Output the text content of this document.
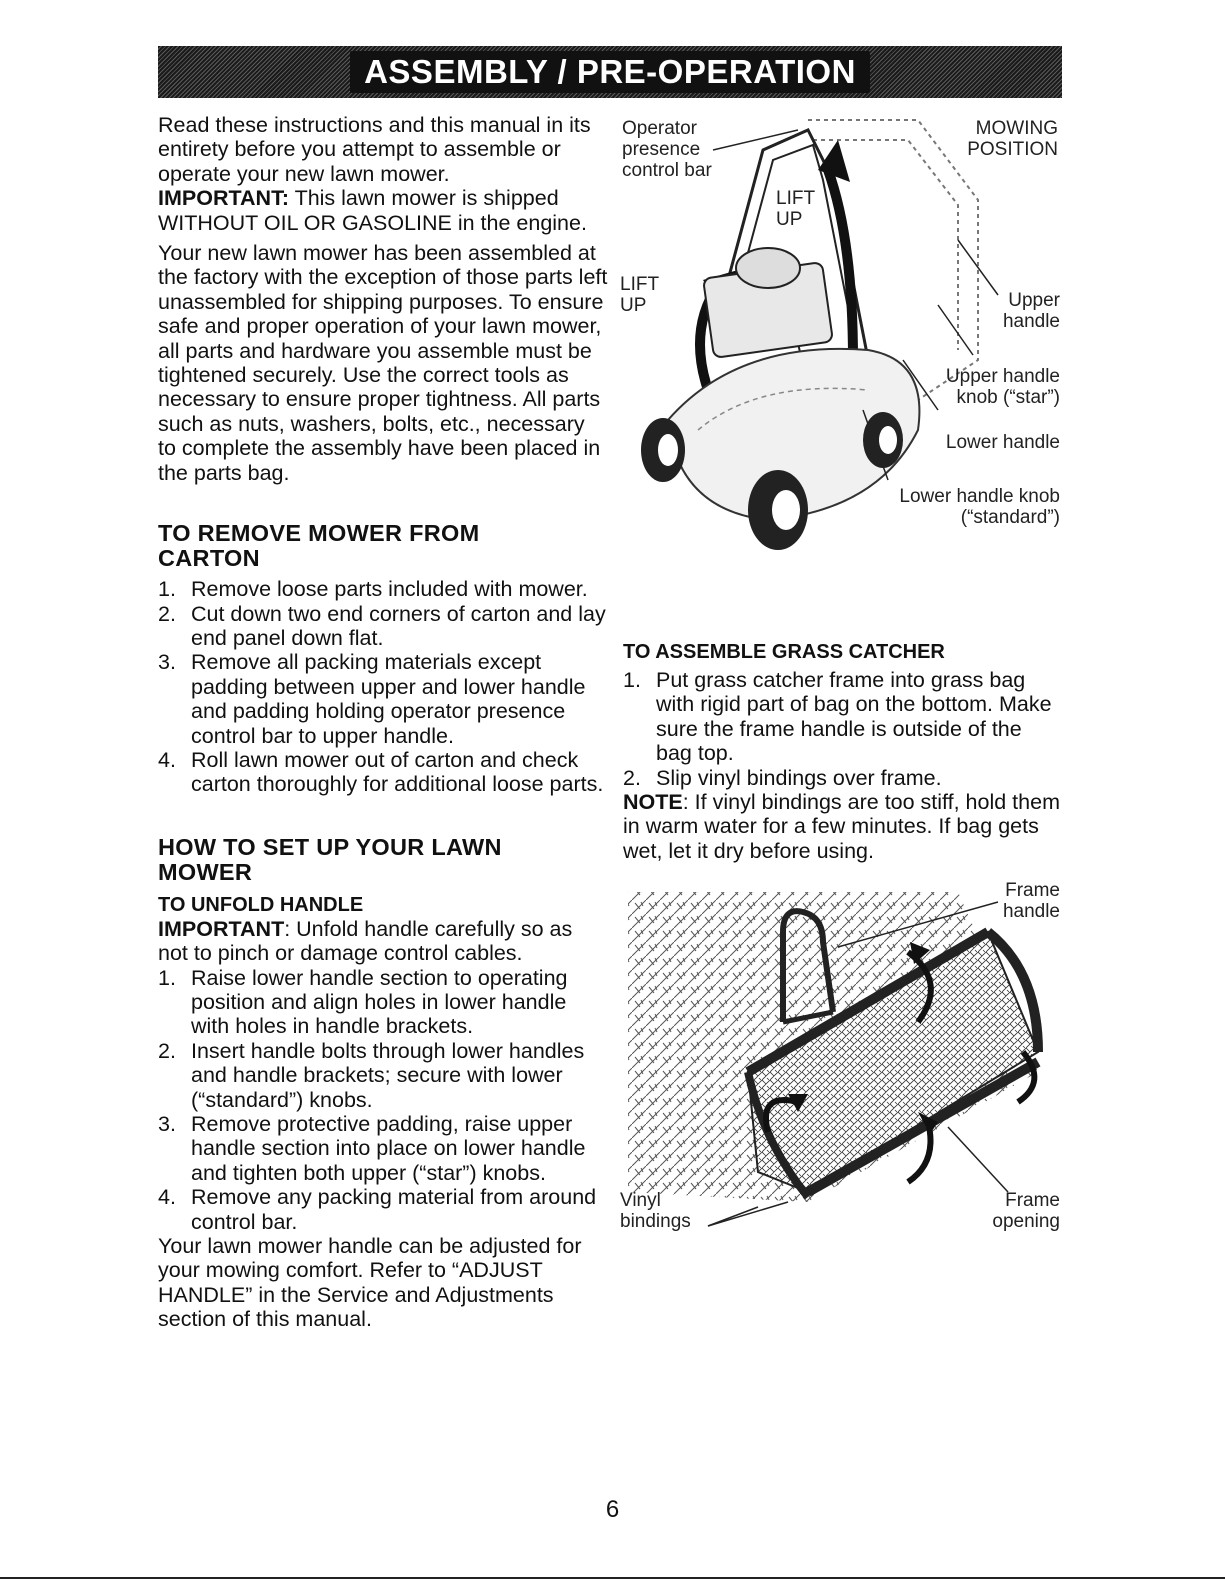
ASSEMBLY / PRE-OPERATION

Read these instructions and this manual in its entirety before you attempt to assemble or operate your new lawn mower.

IMPORTANT: This lawn mower is shipped WITHOUT OIL OR GASOLINE in the engine.

Your new lawn mower has been assembled at the factory with the exception of those parts left unassembled for shipping purposes. To ensure safe and proper operation of your lawn mower, all parts and hardware you assemble must be tightened securely. Use the correct tools as necessary to ensure proper tightness. All parts such as nuts, washers, bolts, etc., necessary to complete the assembly have been placed in the parts bag.

TO REMOVE MOWER FROM CARTON
1. Remove loose parts included with mower.
2. Cut down two end corners of carton and lay end panel down flat.
3. Remove all packing materials except padding between upper and lower handle and padding holding operator presence control bar to upper handle.
4. Roll lawn mower out of carton and check carton thoroughly for additional loose parts.
HOW TO SET UP YOUR LAWN MOWER
TO UNFOLD HANDLE

IMPORTANT: Unfold handle carefully so as not to pinch or damage control cables.

1. Raise lower handle section to operating position and align holes in lower handle with holes in handle brackets.
2. Insert handle bolts through lower handles and handle brackets; secure with lower (“standard”) knobs.
3. Remove protective padding, raise upper handle section into place on lower handle and tighten both upper (“star”) knobs.
4. Remove any packing material from around control bar.

Your lawn mower handle can be adjusted for your mowing comfort. Refer to “ADJUST HANDLE” in the Service and Adjustments section of this manual.

Operator presence control bar
MOWING POSITION
LIFT UP
LIFT UP	Upper handle
Upper handle knob (“star”)
Lower handle
Lower handle knob (“standard”)
TO ASSEMBLE GRASS CATCHER
1. Put grass catcher frame into grass bag with rigid part of bag on the bottom. Make sure the frame handle is outside of the bag top.
2. Slip vinyl bindings over frame.

NOTE: If vinyl bindings are too stiff, hold them in warm water for a few minutes. If bag gets wet, let it dry before using.

Frame handle
Vinyl bindings
Frame opening
6
